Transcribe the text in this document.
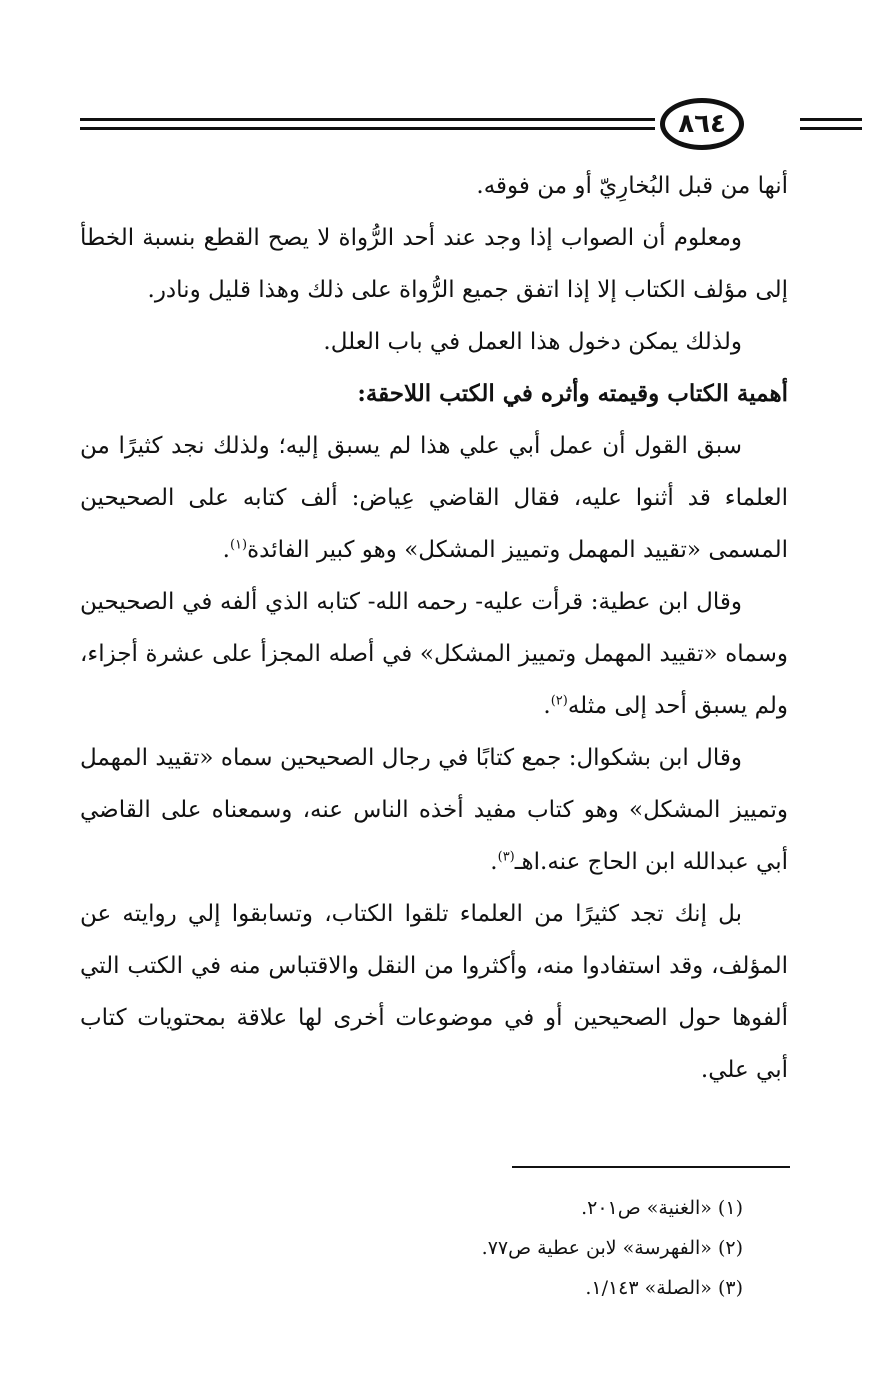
٨٦٤

أنها من قبل البُخارِيّ أو من فوقه.

ومعلوم أن الصواب إذا وجد عند أحد الرُّواة لا يصح القطع بنسبة الخطأ إلى مؤلف الكتاب إلا إذا اتفق جميع الرُّواة على ذلك وهذا قليل ونادر.

ولذلك يمكن دخول هذا العمل في باب العلل.

أهمية الكتاب وقيمته وأثره في الكتب اللاحقة:

سبق القول أن عمل أبي علي هذا لم يسبق إليه؛ ولذلك نجد كثيرًا من العلماء قد أثنوا عليه، فقال القاضي عِياض: ألف كتابه على الصحيحين المسمى «تقييد المهمل وتمييز المشكل» وهو كبير الفائدة$^{(١)}$.

وقال ابن عطية: قرأت عليه- رحمه الله- كتابه الذي ألفه في الصحيحين وسماه «تقييد المهمل وتمييز المشكل» في أصله المجزأ على عشرة أجزاء، ولم يسبق أحد إلى مثله$^{(٢)}$.

وقال ابن بشكوال: جمع كتابًا في رجال الصحيحين سماه «تقييد المهمل وتمييز المشكل» وهو كتاب مفيد أخذه الناس عنه، وسمعناه على القاضي أبي عبدالله ابن الحاج عنه.اهـ$^{(٣)}$.

بل إنك تجد كثيرًا من العلماء تلقوا الكتاب، وتسابقوا إلي روايته عن المؤلف، وقد استفادوا منه، وأكثروا من النقل والاقتباس منه في الكتب التي ألفوها حول الصحيحين أو في موضوعات أخرى لها علاقة بمحتويات كتاب أبي علي.

(١) «الغنية» ص٢٠١.

(٢) «الفهرسة» لابن عطية ص٧٧.

(٣) «الصلة» ١/١٤٣.
